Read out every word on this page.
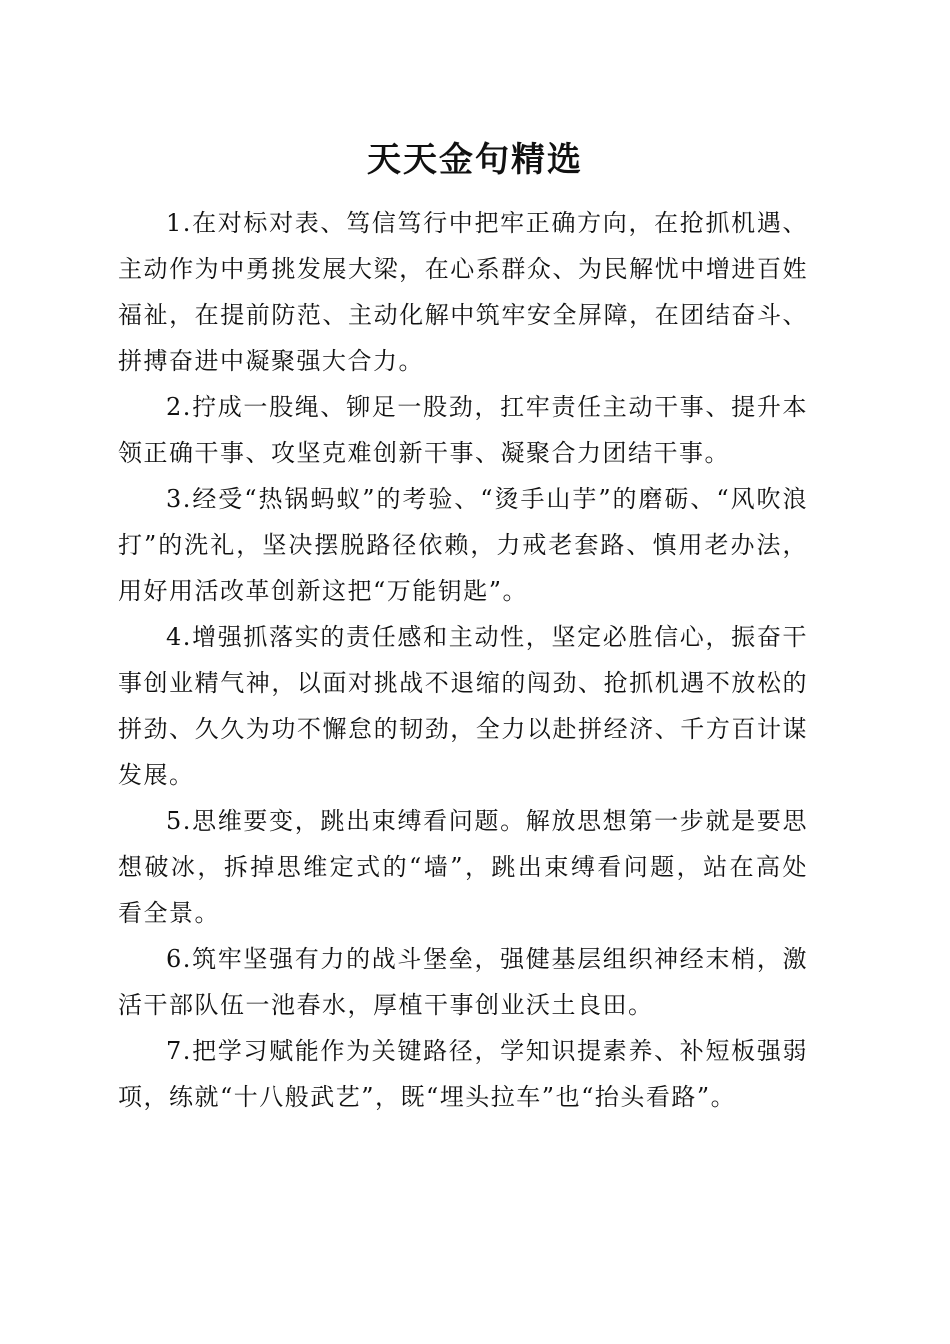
天天金句精选

1.在对标对表、笃信笃行中把牢正确方向，在抢抓机遇、主动作为中勇挑发展大梁，在心系群众、为民解忧中增进百姓福祉，在提前防范、主动化解中筑牢安全屏障，在团结奋斗、拼搏奋进中凝聚强大合力。

2.拧成一股绳、铆足一股劲，扛牢责任主动干事、提升本领正确干事、攻坚克难创新干事、凝聚合力团结干事。

3.经受“热锅蚂蚁”的考验、“烫手山芋”的磨砺、“风吹浪打”的洗礼，坚决摆脱路径依赖，力戒老套路、慎用老办法，用好用活改革创新这把“万能钥匙”。

4.增强抓落实的责任感和主动性，坚定必胜信心，振奋干事创业精气神，以面对挑战不退缩的闯劲、抢抓机遇不放松的拼劲、久久为功不懈怠的韧劲，全力以赴拼经济、千方百计谋发展。

5.思维要变，跳出束缚看问题。解放思想第一步就是要思想破冰，拆掉思维定式的“墙”，跳出束缚看问题，站在高处看全景。

6.筑牢坚强有力的战斗堡垒，强健基层组织神经末梢，激活干部队伍一池春水，厚植干事创业沃土良田。

7.把学习赋能作为关键路径，学知识提素养、补短板强弱项，练就“十八般武艺”，既“埋头拉车”也“抬头看路”。
